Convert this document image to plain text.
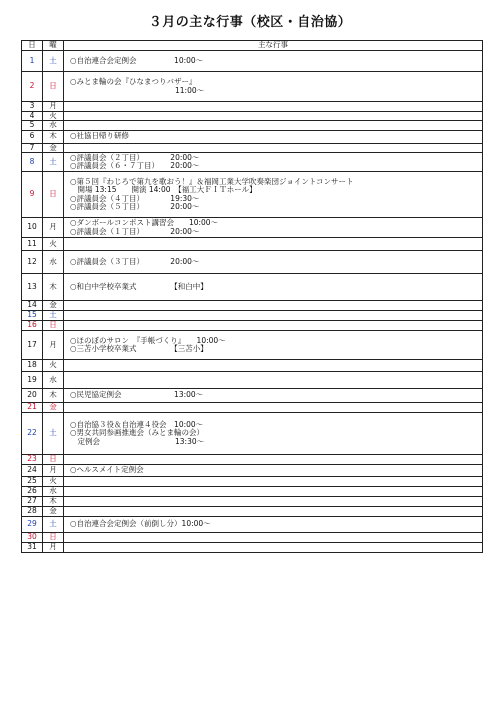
３月の主な行事（校区・自治協）
日	曜	主な行事
1	土	○自治連合会定例会　　　　　10:00～
2	日	○みとま輪の会『ひなまつりバザー』
　　　　　　　　　　　　　　11:00～
3	月	
4	火	
5	水	
6	木	○社協日帰り研修
7	金	
8	土	○評議員会（２丁目）　　　　20:00～
○評議員会（６・７丁目）　　20:00～
9	日	○第５回『わじろで第九を歌おう！』＆福岡工業大学吹奏楽団ジョイントコンサート
　開場 13:15　　開演 14:00　【福工大ＦＩＴホール】
○評議員会（４丁目）　　　　19:30～
○評議員会（５丁目）　　　　20:00～
10	月	○ダンボールコンポスト講習会　　10:00～
○評議員会（１丁目）　　　　20:00～
11	火	
12	水	○評議員会（３丁目）　　　　20:00～
13	木	○和白中学校卒業式　　　　　【和白中】
14	金	
15	土	
16	日	
17	月	○ほのぼのサロン　『手帳づくり』　　10:00～
○三苫小学校卒業式　　　　　【三苫小】
18	火	
19	水	
20	木	○民児協定例会　　　　　　　13:00～
21	金	
22	土	○自治協３役＆自治連４役会　10:00～
○男女共同参画推進会（みとま輪の会）
　定例会　　　　　　　　　　13:30～
23	日	
24	月	○ヘルスメイト定例会
25	火	
26	水	
27	木	
28	金	
29	土	○自治連合会定例会（前倒し分）10:00～
30	日	
31	月	
